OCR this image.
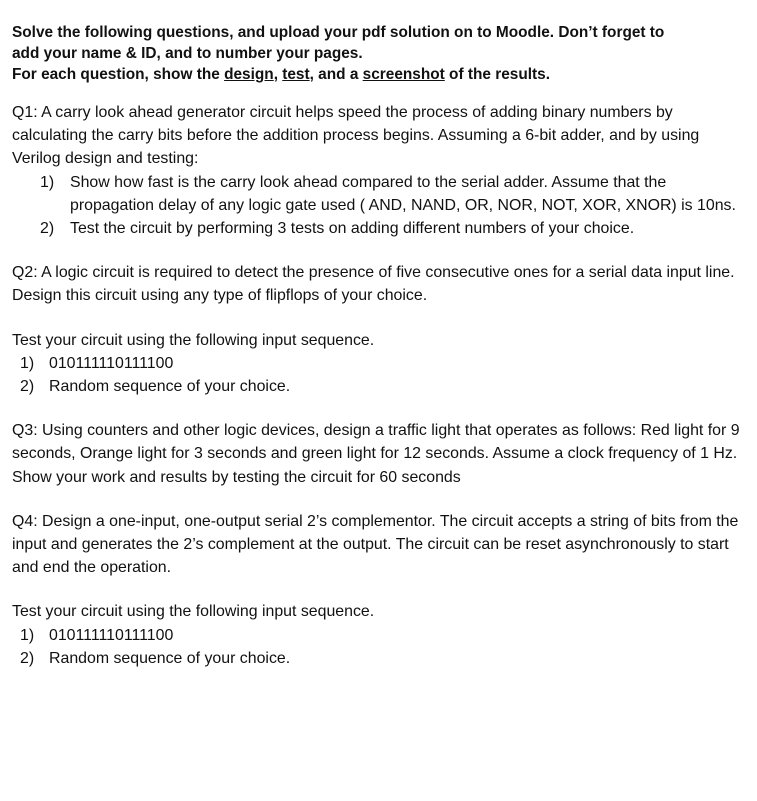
Solve the following questions, and upload your pdf solution on to Moodle. Don’t forget to
add your name & ID, and to number your pages.
For each question, show the design, test, and a screenshot of the results.

Q1: A carry look ahead generator circuit helps speed the process of adding binary numbers by calculating the carry bits before the addition process begins. Assuming a 6-bit adder, and by using Verilog design and testing:

1) Show how fast is the carry look ahead compared to the serial adder. Assume that the propagation delay of any logic gate used ( AND, NAND, OR, NOR, NOT, XOR, XNOR) is 10ns.
2) Test the circuit by performing 3 tests on adding different numbers of your choice.

Q2: A logic circuit is required to detect the presence of five consecutive ones for a serial data input line. Design this circuit using any type of flipflops of your choice.

Test your circuit using the following input sequence.

1) 010111110111100
2) Random sequence of your choice.

Q3: Using counters and other logic devices, design a traffic light that operates as follows: Red light for 9 seconds, Orange light for 3 seconds and green light for 12 seconds. Assume a clock frequency of 1 Hz. Show your work and results by testing the circuit for 60 seconds

Q4: Design a one-input, one-output serial 2’s complementor. The circuit accepts a string of bits from the input and generates the 2’s complement at the output. The circuit can be reset asynchronously to start and end the operation.

Test your circuit using the following input sequence.

1) 010111110111100
2) Random sequence of your choice.
